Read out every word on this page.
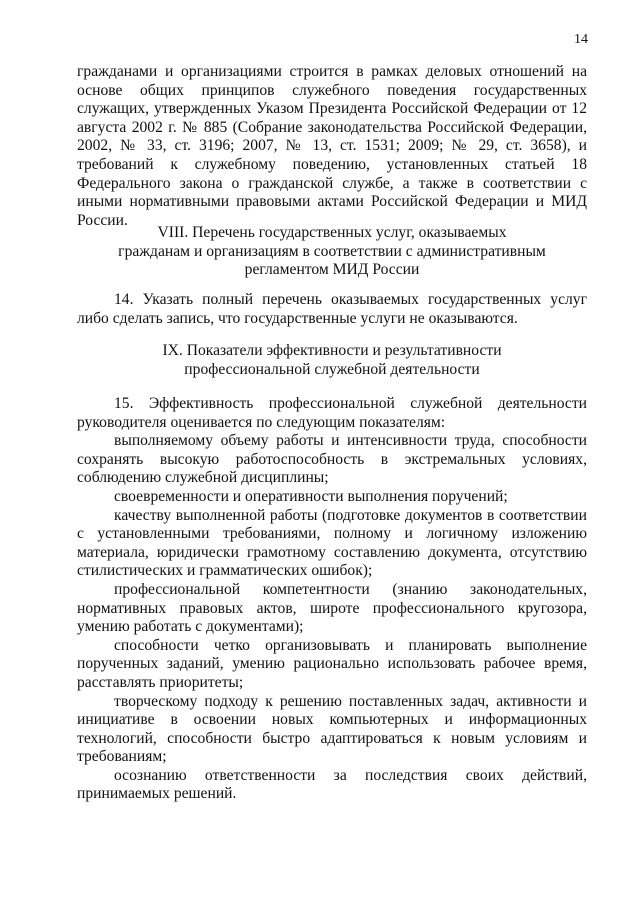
14

гражданами и организациями строится в рамках деловых отношений на основе общих принципов служебного поведения государственных служащих, утвержденных Указом Президента Российской Федерации от 12 августа 2002 г. № 885 (Собрание законодательства Российской Федерации, 2002, № 33, ст. 3196; 2007, № 13, ст. 1531; 2009; № 29, ст. 3658), и требований к служебному поведению, установленных статьей 18 Федерального закона о гражданской службе, а также в соответствии с иными нормативными правовыми актами Российской Федерации и МИД России.

VIII. Перечень государственных услуг, оказываемых
гражданам и организациям в соответствии с административным
регламентом МИД России

14. Указать полный перечень оказываемых государственных услуг либо сделать запись, что государственные услуги не оказываются.

IX. Показатели эффективности и результативности
профессиональной служебной деятельности

15. Эффективность профессиональной служебной деятельности руководителя оценивается по следующим показателям:

выполняемому объему работы и интенсивности труда, способности сохранять высокую работоспособность в экстремальных условиях, соблюдению служебной дисциплины;

своевременности и оперативности выполнения поручений;

качеству выполненной работы (подготовке документов в соответствии с установленными требованиями, полному и логичному изложению материала, юридически грамотному составлению документа, отсутствию стилистических и грамматических ошибок);

профессиональной компетентности (знанию законодательных, нормативных правовых актов, широте профессионального кругозора, умению работать с документами);

способности четко организовывать и планировать выполнение порученных заданий, умению рационально использовать рабочее время, расставлять приоритеты;

творческому подходу к решению поставленных задач, активности и инициативе в освоении новых компьютерных и информационных технологий, способности быстро адаптироваться к новым условиям и требованиям;

осознанию ответственности за последствия своих действий, принимаемых решений.
